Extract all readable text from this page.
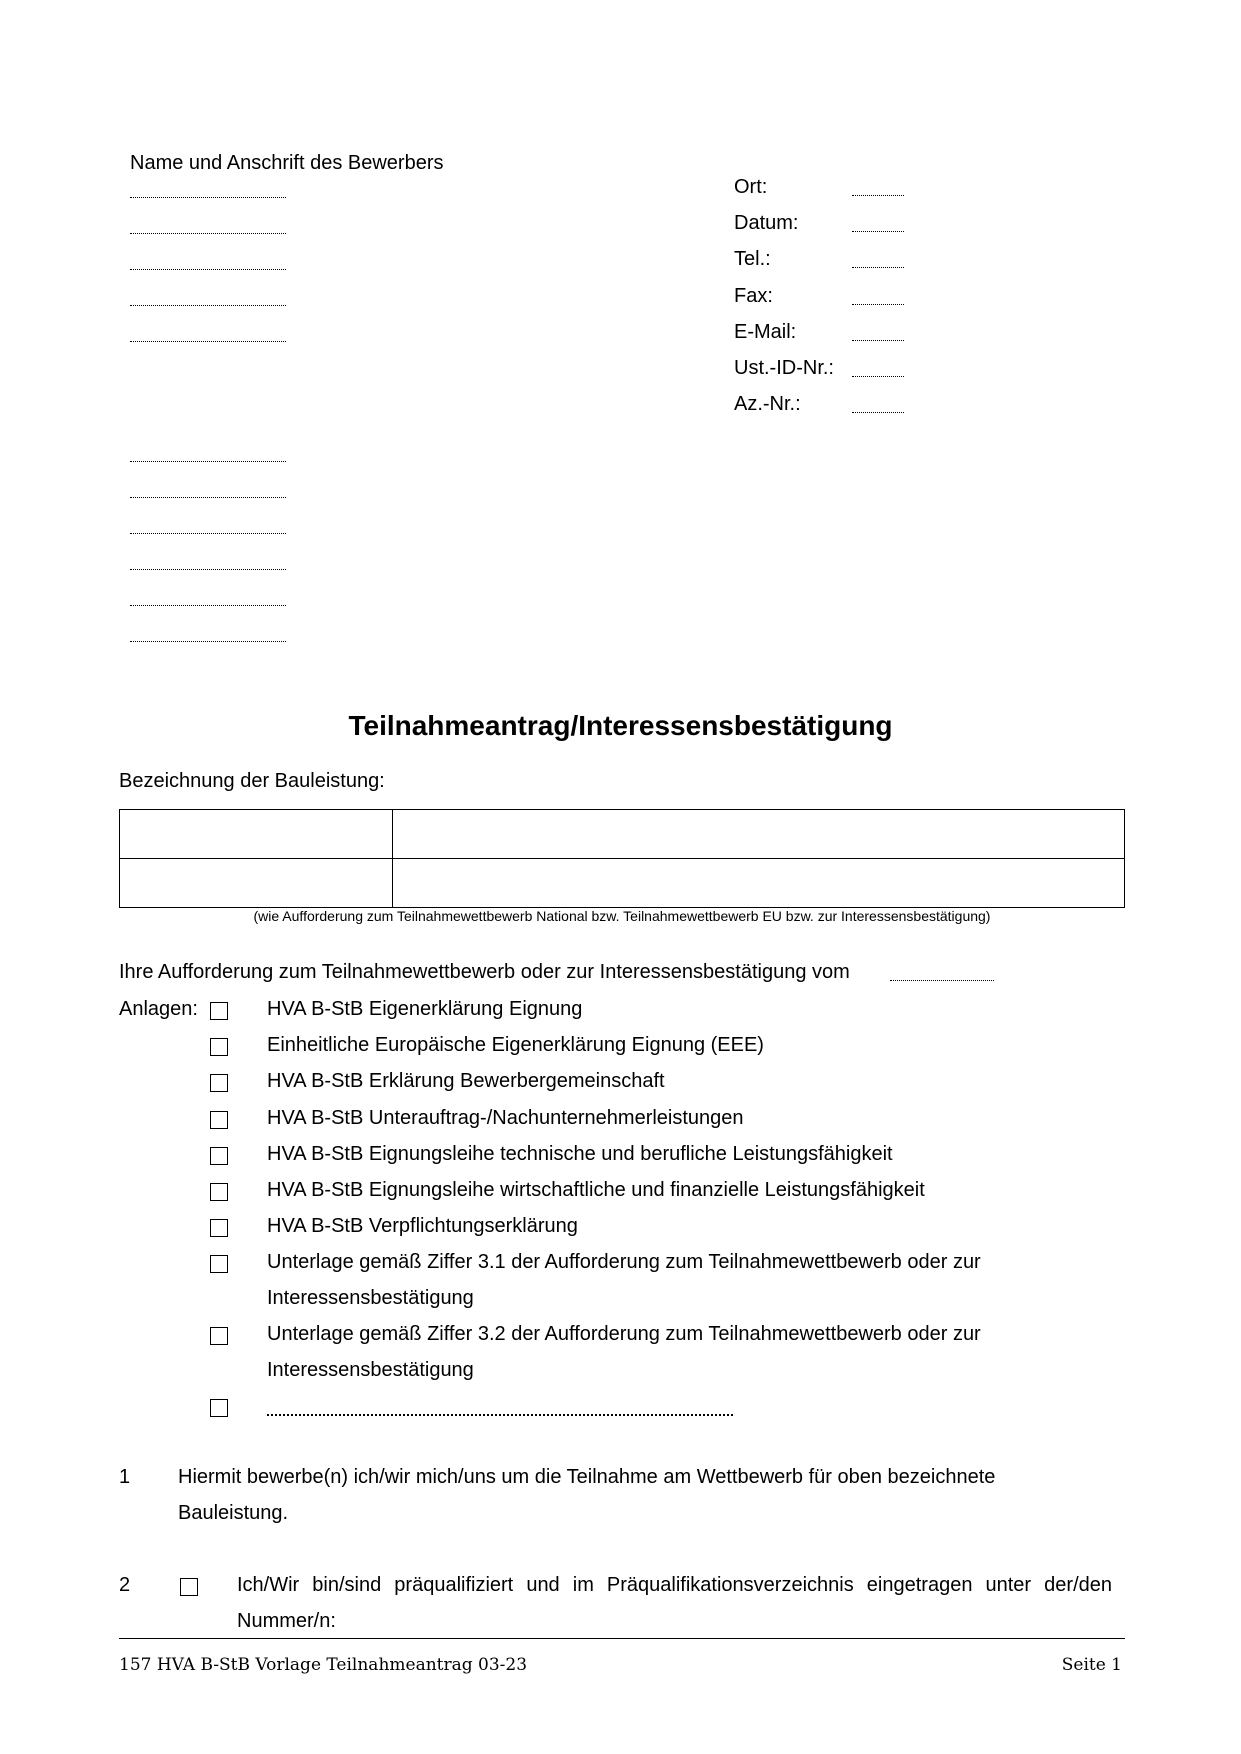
Name und Anschrift des Bewerbers
Ort:
Datum:
Tel.:
Fax:
E-Mail:
Ust.-ID-Nr.:
Az.-Nr.:
Teilnahmeantrag/Interessensbestätigung
Bezeichnung der Bauleistung:

(wie Aufforderung zum Teilnahmewettbewerb National bzw. Teilnahmewettbewerb EU bzw. zur Interessensbestätigung)
Ihre Aufforderung zum Teilnahmewettbewerb oder zur Interessensbestätigung vom
Anlagen:	HVA B-StB Eigenerklärung Eignung
Einheitliche Europäische Eigenerklärung Eignung (EEE)
HVA B-StB Erklärung Bewerbergemeinschaft
HVA B-StB Unterauftrag-/Nachunternehmerleistungen
HVA B-StB Eignungsleihe technische und berufliche Leistungsfähigkeit
HVA B-StB Eignungsleihe wirtschaftliche und finanzielle Leistungsfähigkeit
HVA B-StB Verpflichtungserklärung
Unterlage gemäß Ziffer 3.1 der Aufforderung zum Teilnahmewettbewerb oder zur
Interessensbestätigung
Unterlage gemäß Ziffer 3.2 der Aufforderung zum Teilnahmewettbewerb oder zur
Interessensbestätigung
1 Hiermit bewerbe(n) ich/wir mich/uns um die Teilnahme am Wettbewerb für oben bezeichnete
Bauleistung.
2	Ich/Wir bin/sind präqualifiziert und im Präqualifikationsverzeichnis eingetragen unter der/den
Nummer/n:
157 HVA B-StB Vorlage Teilnahmeantrag 03-23	Seite 1
